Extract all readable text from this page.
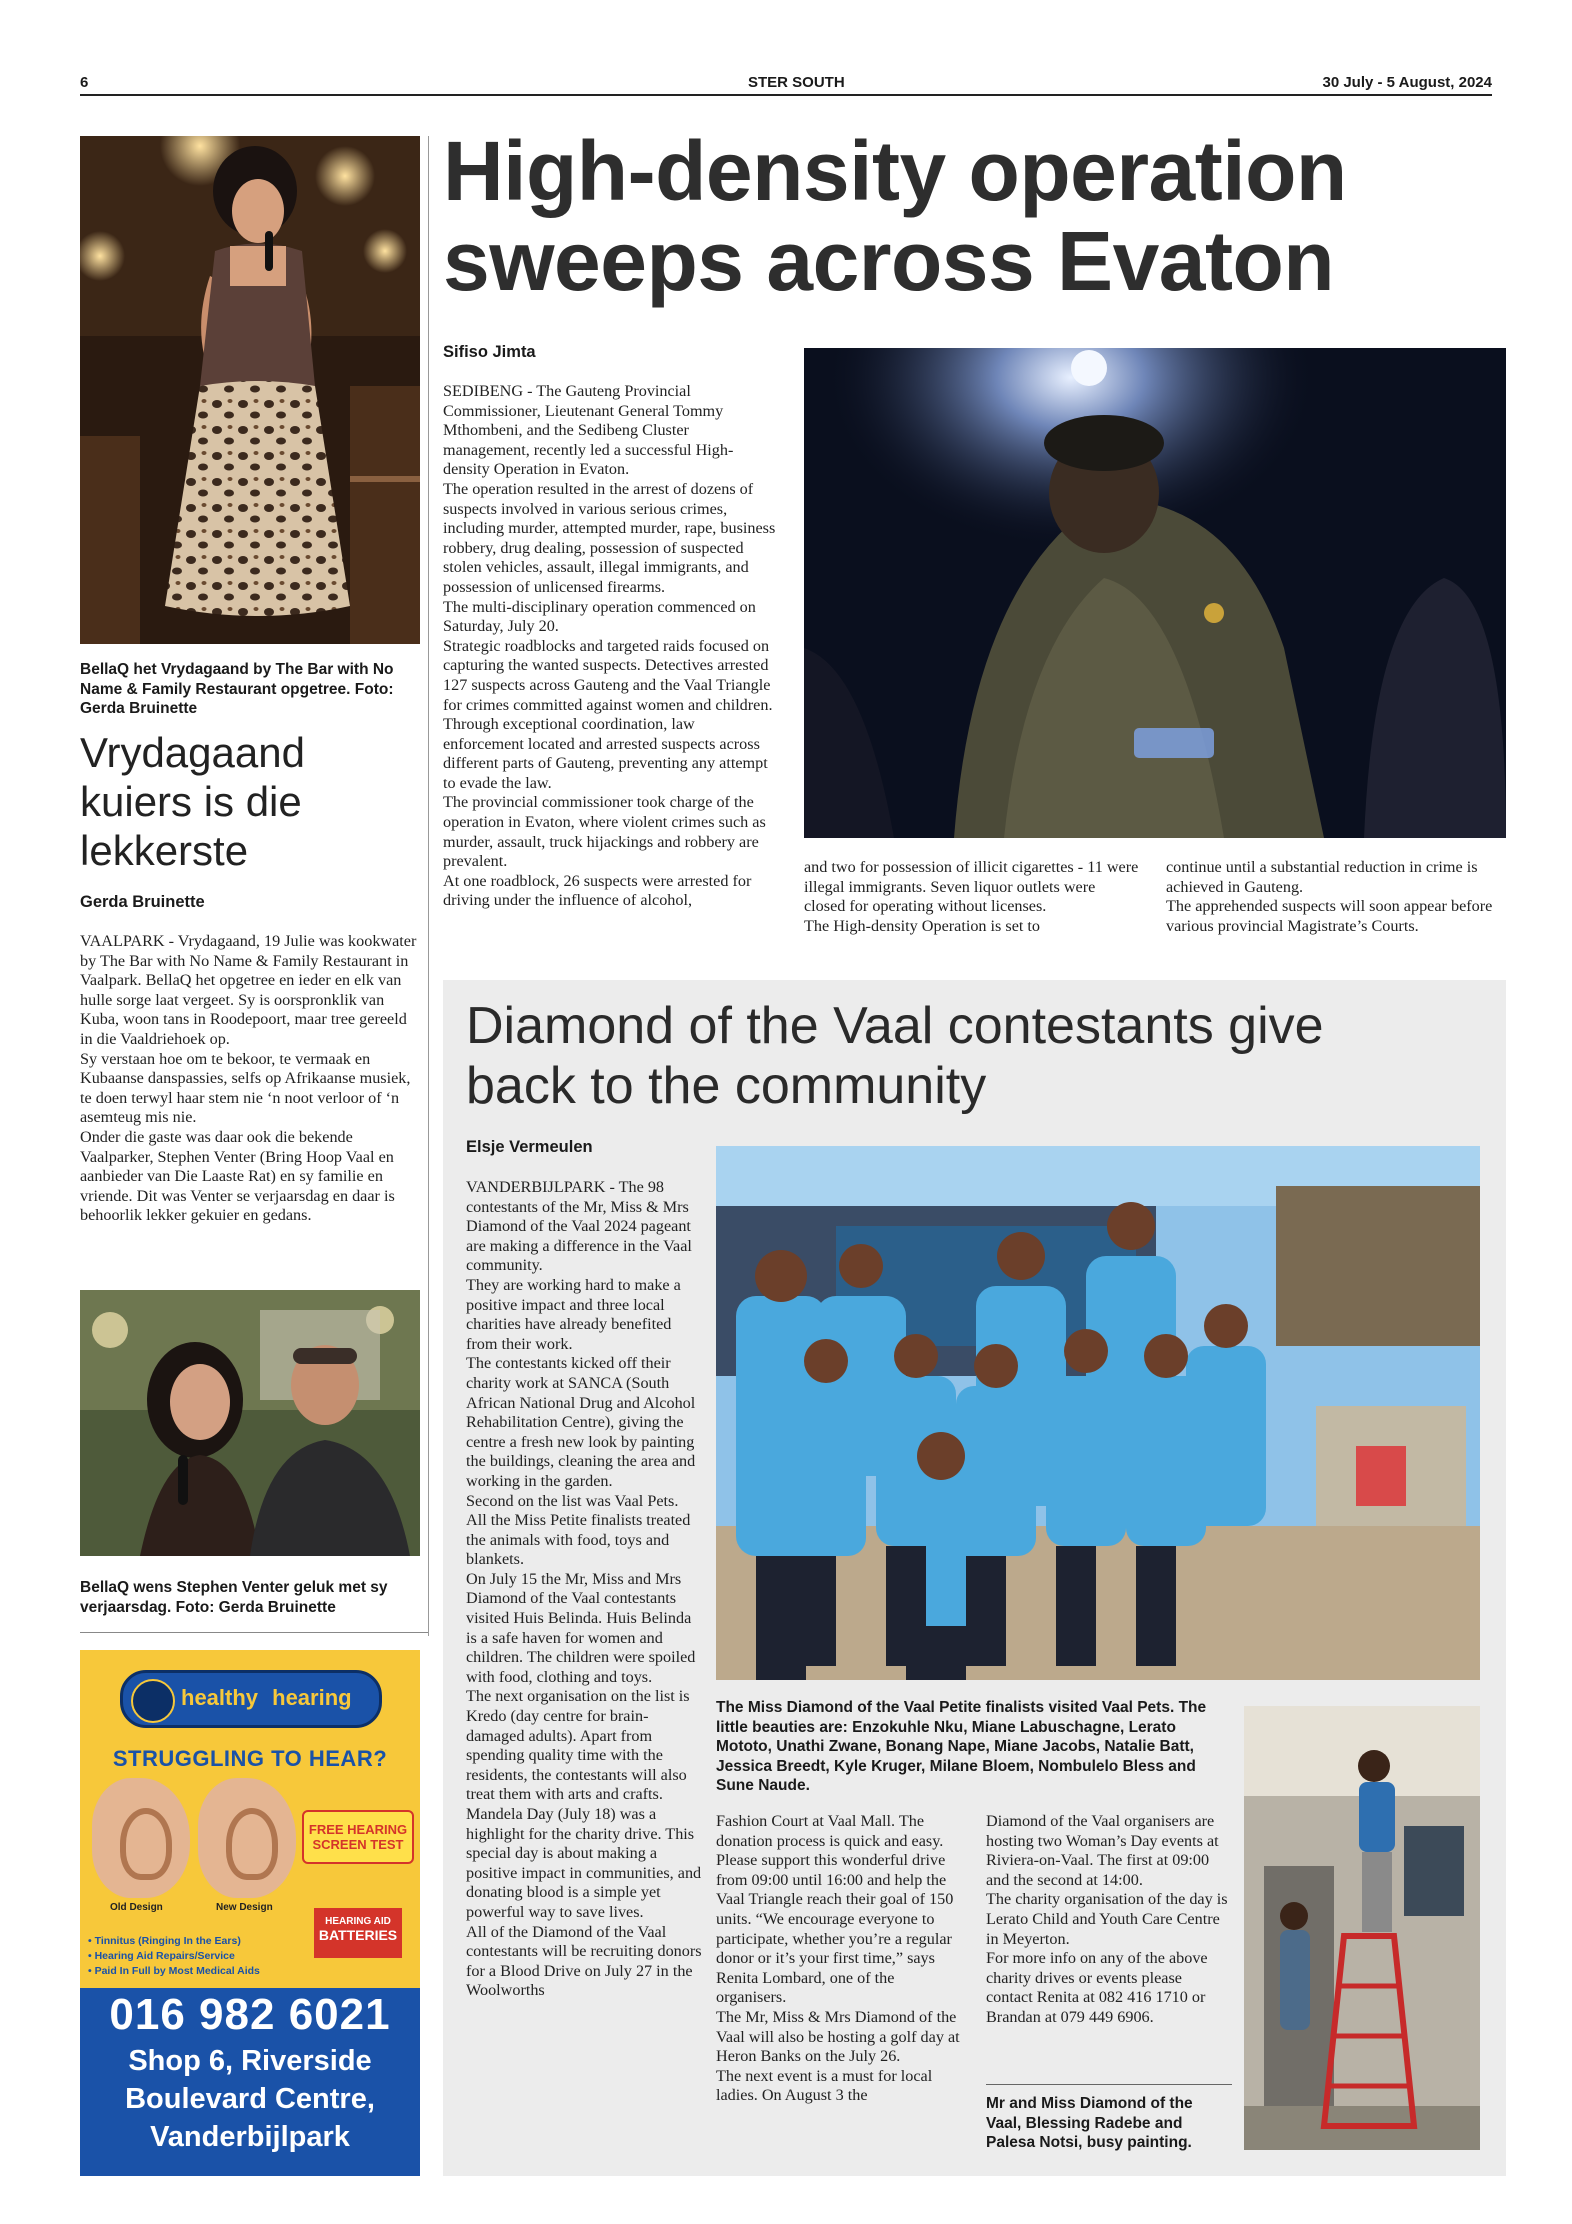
6	STER SOUTH	30 July - 5 August, 2024
BellaQ het Vrydagaand by The Bar with No Name & Family Restaurant opgetree. Foto: Gerda Bruinette
Vrydagaand kuiers is die lekkerste
Gerda Bruinette

VAALPARK - Vrydagaand, 19 Julie was kookwater by The Bar with No Name & Family Restaurant in Vaalpark. BellaQ het opgetree en ieder en elk van hulle sorge laat vergeet. Sy is oorspronklik van Kuba, woon tans in Roodepoort, maar tree gereeld in die Vaaldriehoek op.

Sy verstaan hoe om te bekoor, te vermaak en Kubaanse danspassies, selfs op Afrikaanse musiek, te doen terwyl haar stem nie ‘n noot verloor of ‘n asemteug mis nie.

Onder die gaste was daar ook die bekende Vaalparker, Stephen Venter (Bring Hoop Vaal en aanbieder van Die Laaste Rat) en sy familie en vriende. Dit was Venter se verjaarsdag en daar is behoorlik lekker gekuier en gedans.

BellaQ wens Stephen Venter geluk met sy verjaarsdag. Foto: Gerda Bruinette
healthy hearing
STRUGGLING TO HEAR?
Old Design	New Design
FREE HEARING SCREEN TEST
HEARING AID
BATTERIES
• Tinnitus (Ringing In the Ears)
• Hearing Aid Repairs/Service
• Paid In Full by Most Medical Aids
016 982 6021
Shop 6, Riverside
Boulevard Centre,
Vanderbijlpark
High-density operation
sweeps across Evaton
Sifiso Jimta

SEDIBENG - The Gauteng Provincial Commissioner, Lieutenant General Tommy Mthombeni, and the Sedibeng Cluster management, recently led a successful High-density Operation in Evaton.

The operation resulted in the arrest of dozens of suspects involved in various serious crimes, including murder, attempted murder, rape, business robbery, drug dealing, possession of suspected stolen vehicles, assault, illegal immigrants, and possession of unlicensed firearms.

The multi-disciplinary operation commenced on Saturday, July 20.

Strategic roadblocks and targeted raids focused on capturing the wanted suspects. Detectives arrested 127 suspects across Gauteng and the Vaal Triangle for crimes committed against women and children.

Through exceptional coordination, law enforcement located and arrested suspects across different parts of Gauteng, preventing any attempt to evade the law.

The provincial commissioner took charge of the operation in Evaton, where violent crimes such as murder, assault, truck hijackings and robbery are prevalent.

At one roadblock, 26 suspects were arrested for driving under the influence of alcohol,

and two for possession of illicit cigarettes - 11 were illegal immigrants. Seven liquor outlets were closed for operating without licenses.

The High-density Operation is set to

continue until a substantial reduction in crime is achieved in Gauteng.

The apprehended suspects will soon appear before various provincial Magistrate’s Courts.

Diamond of the Vaal contestants give
back to the community
Elsje Vermeulen

VANDERBIJLPARK - The 98 contestants of the Mr, Miss & Mrs Diamond of the Vaal 2024 pageant are making a difference in the Vaal community.

They are working hard to make a positive impact and three local charities have already benefited from their work.

The contestants kicked off their charity work at SANCA (South African National Drug and Alcohol Rehabilitation Centre), giving the centre a fresh new look by painting the buildings, cleaning the area and working in the garden.

Second on the list was Vaal Pets. All the Miss Petite finalists treated the animals with food, toys and blankets.

On July 15 the Mr, Miss and Mrs Diamond of the Vaal contestants visited Huis Belinda. Huis Belinda is a safe haven for women and children. The children were spoiled with food, clothing and toys.

The next organisation on the list is Kredo (day centre for brain-damaged adults). Apart from spending quality time with the residents, the contestants will also treat them with arts and crafts.

Mandela Day (July 18) was a highlight for the charity drive. This special day is about making a positive impact in communities, and donating blood is a simple yet powerful way to save lives.

All of the Diamond of the Vaal contestants will be recruiting donors for a Blood Drive on July 27 in the Woolworths

The Miss Diamond of the Vaal Petite finalists visited Vaal Pets. The little beauties are: Enzokuhle Nku, Miane Labuschagne, Lerato Mototo, Unathi Zwane, Bonang Nape, Miane Jacobs, Natalie Batt, Jessica Breedt, Kyle Kruger, Milane Bloem, Nombulelo Bless and Sune Naude.

Fashion Court at Vaal Mall. The donation process is quick and easy. Please support this wonderful drive from 09:00 until 16:00 and help the Vaal Triangle reach their goal of 150 units. “We encourage everyone to participate, whether you’re a regular donor or it’s your first time,” says Renita Lombard, one of the organisers.

The Mr, Miss & Mrs Diamond of the Vaal will also be hosting a golf day at Heron Banks on the July 26.

The next event is a must for local ladies. On August 3 the

Diamond of the Vaal organisers are hosting two Woman’s Day events at Riviera-on-Vaal. The first at 09:00 and the second at 14:00.

The charity organisation of the day is Lerato Child and Youth Care Centre in Meyerton.

For more info on any of the above charity drives or events please contact Renita at 082 416 1710 or Brandan at 079 449 6906.

Mr and Miss Diamond of the Vaal, Blessing Radebe and Palesa Notsi, busy painting.
